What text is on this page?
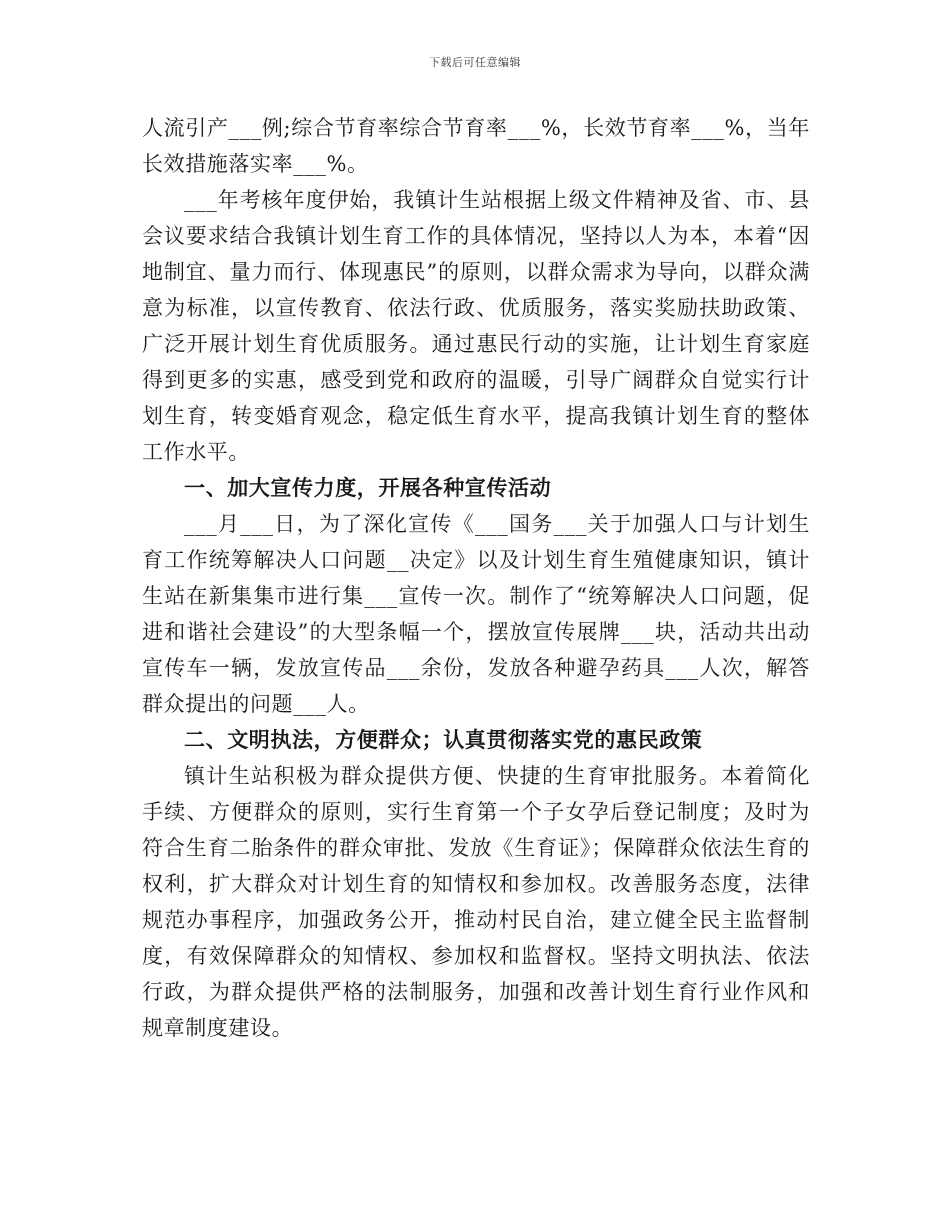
下载后可任意编辑

人流引产___例;综合节育率综合节育率___%，长效节育率___%，当年长效措施落实率___%。

___年考核年度伊始，我镇计生站根据上级文件精神及省、市、县会议要求结合我镇计划生育工作的具体情况，坚持以人为本，本着“因地制宜、量力而行、体现惠民”的原则，以群众需求为导向，以群众满意为标准，以宣传教育、依法行政、优质服务，落实奖励扶助政策、广泛开展计划生育优质服务。通过惠民行动的实施，让计划生育家庭得到更多的实惠，感受到党和政府的温暖，引导广阔群众自觉实行计划生育，转变婚育观念，稳定低生育水平，提高我镇计划生育的整体工作水平。

一、加大宣传力度，开展各种宣传活动

___月___日，为了深化宣传《___国务___关于加强人口与计划生育工作统筹解决人口问题__决定》以及计划生育生殖健康知识，镇计生站在新集集市进行集___宣传一次。制作了“统筹解决人口问题，促进和谐社会建设”的大型条幅一个，摆放宣传展牌___块，活动共出动宣传车一辆，发放宣传品___余份，发放各种避孕药具___人次，解答群众提出的问题___人。

二、文明执法，方便群众；认真贯彻落实党的惠民政策

镇计生站积极为群众提供方便、快捷的生育审批服务。本着简化手续、方便群众的原则，实行生育第一个子女孕后登记制度；及时为符合生育二胎条件的群众审批、发放《生育证》；保障群众依法生育的权利，扩大群众对计划生育的知情权和参加权。改善服务态度，法律规范办事程序，加强政务公开，推动村民自治，建立健全民主监督制度，有效保障群众的知情权、参加权和监督权。坚持文明执法、依法行政，为群众提供严格的法制服务，加强和改善计划生育行业作风和规章制度建设。
